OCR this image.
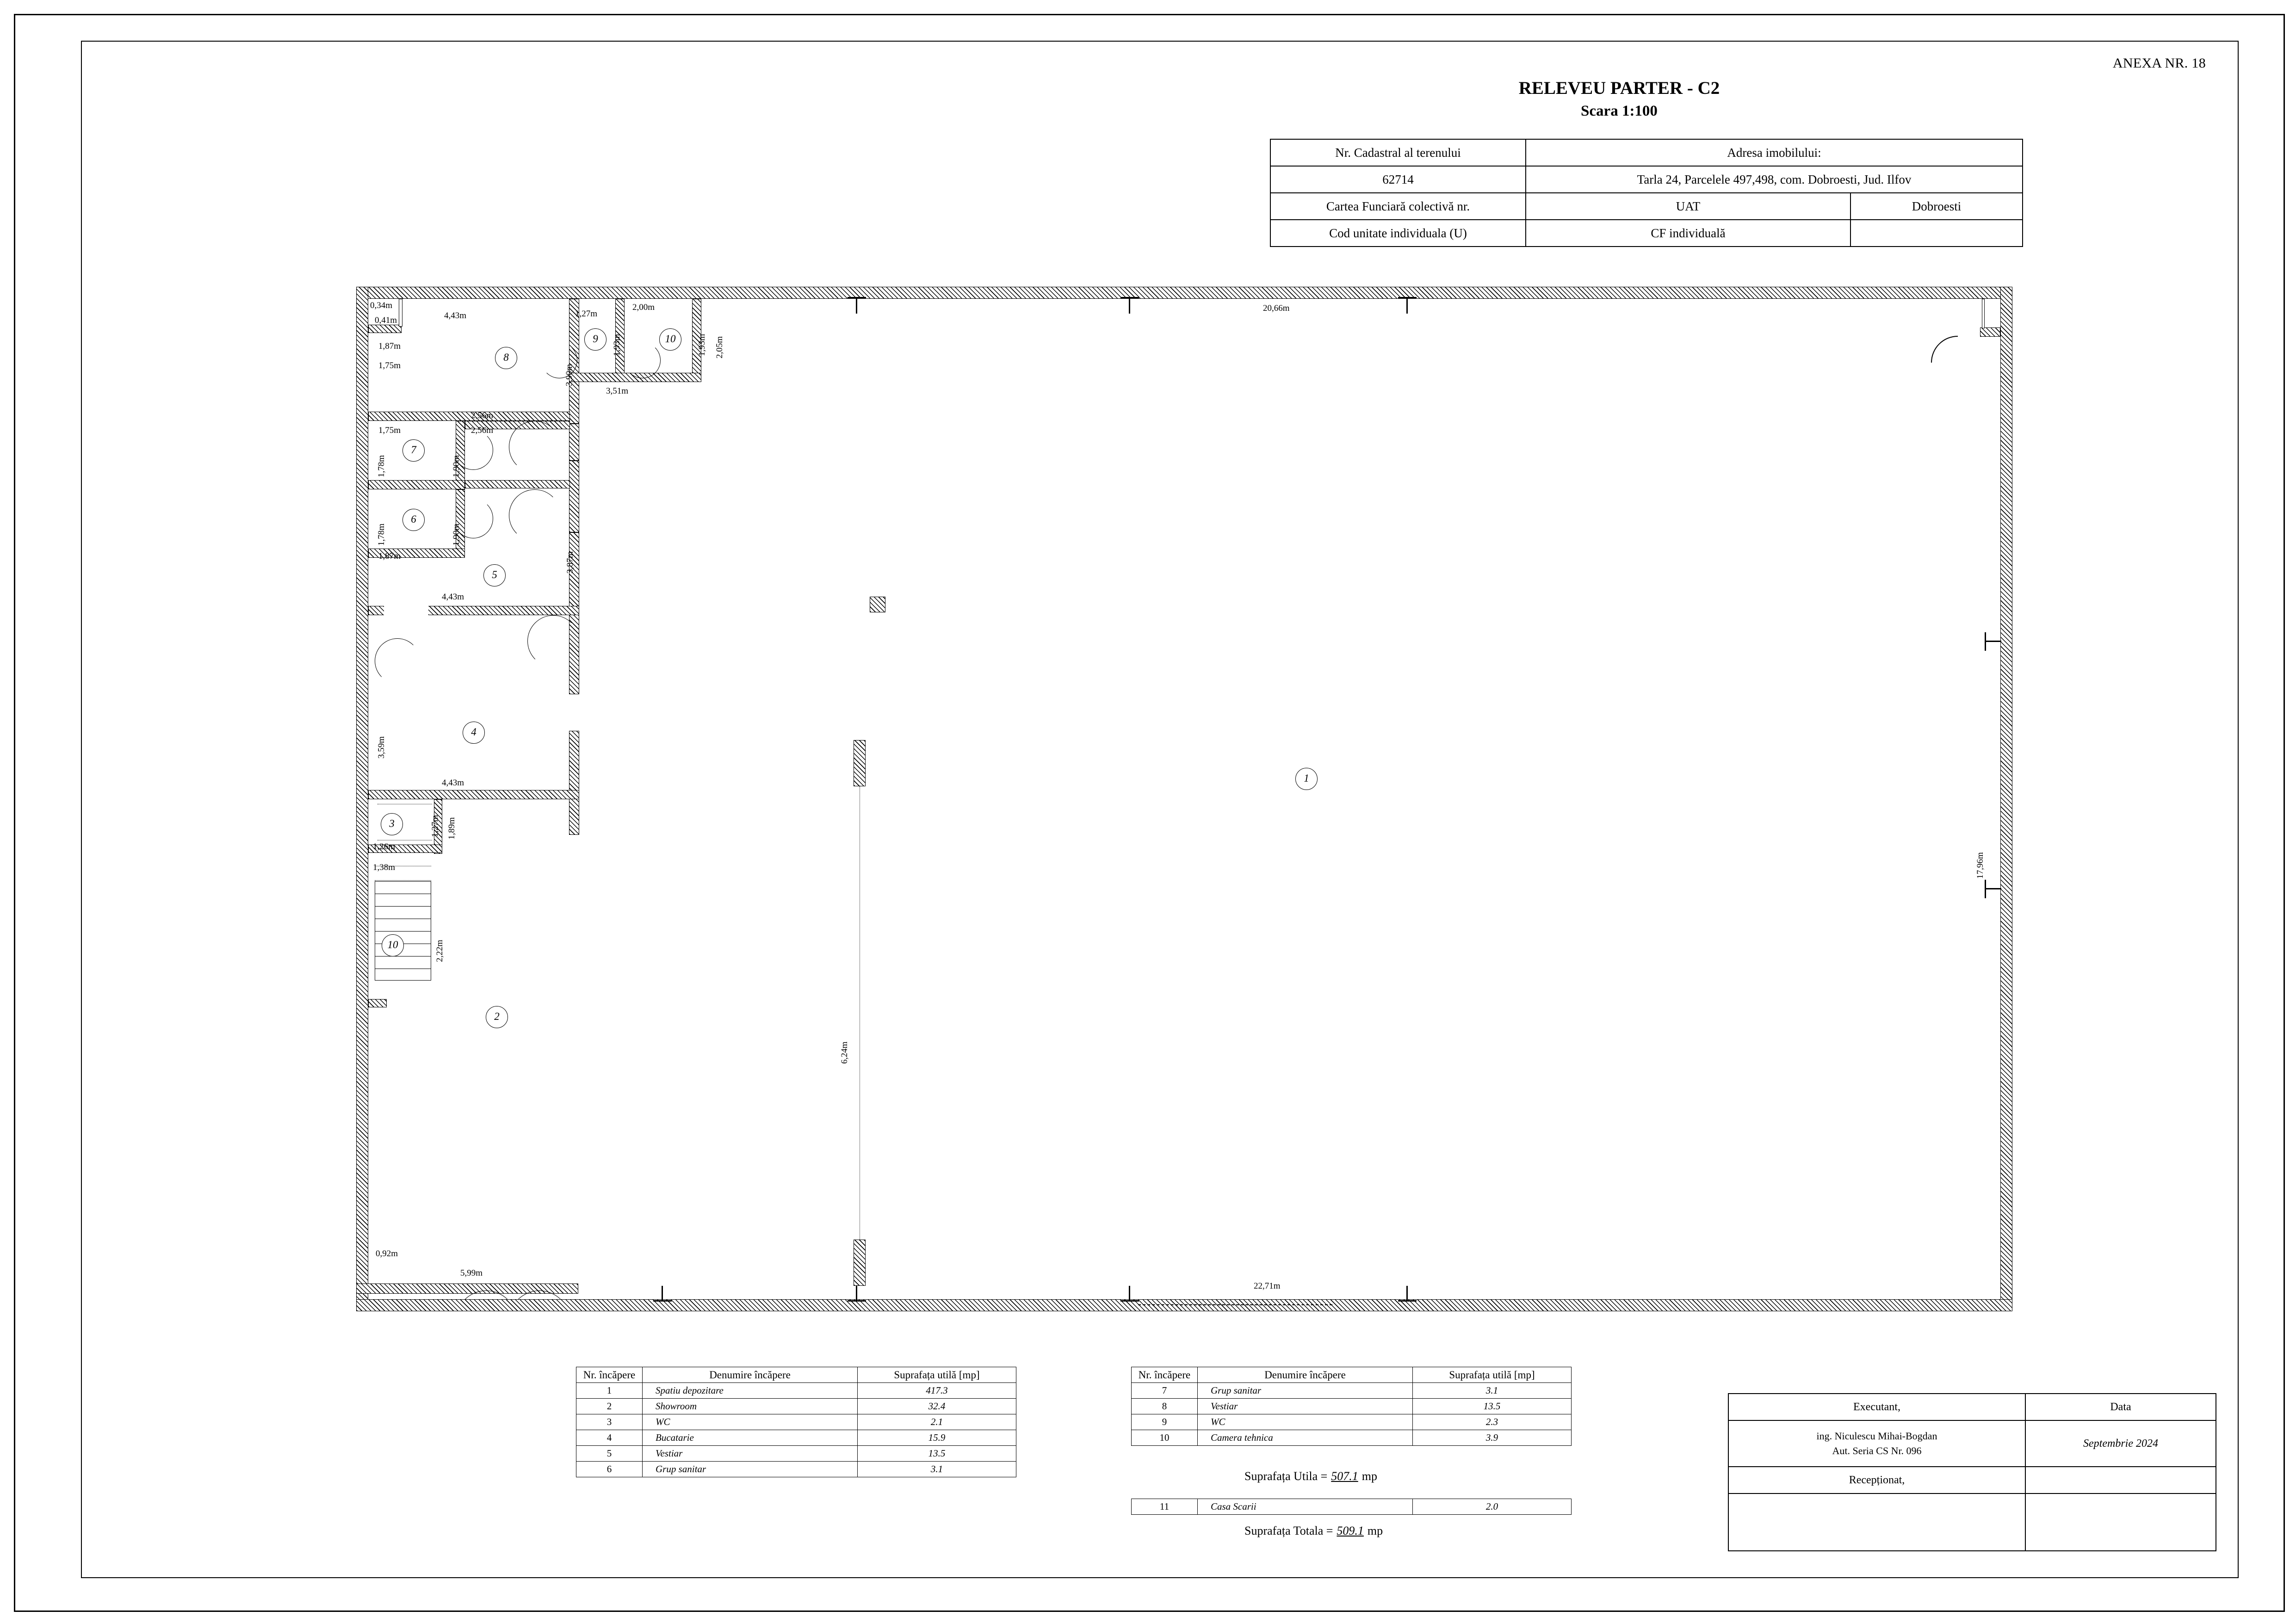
ANEXA NR. 18
RELEVEU PARTER - C2
Scara 1:100
Nr. Cadastral al terenului	Adresa imobilului:	
62714	Tarla 24, Parcelele 497,498, com. Dobroesti, Jud. Ilfov	
Cartea Funciară colectivă nr.	UAT	Dobroesti
Cod unitate individuala (U)	CF individuală	
1
2
3
4
5
6
7
8
9	10
10
20,66m
22,71m
5,99m
17,96m
4,43m	1,27m
2,00m
1,93m	1,93m 2,05m
3,51m
3,90m
0,34m
0,41m
1,87m
1,75m
1,78m	1,90m
2,56m
2,56m
1,75m
1,78m	1,90m
1,87m	3,87m
4,43m
3,59m
4,43m
1,27m 1,89m
1,26m
1,38m
2,22m
0,92m
6,24m
Nr. încăpere	Denumire încăpere	Suprafața utilă [mp]
1	Spatiu depozitare	417.3
2	Showroom	32.4
3	WC	2.1
4	Bucatarie	15.9
5	Vestiar	13.5
6	Grup sanitar	3.1
Nr. încăpere	Denumire încăpere	Suprafața utilă [mp]
7	Grup sanitar	3.1
8	Vestiar	13.5
9	WC	2.3
10	Camera tehnica	3.9
Suprafața Utila = 507.1 mp
11	Casa Scarii	2.0
Suprafața Totala = 509.1 mp
Executant,	Data
ing. Niculescu Mihai-Bogdan
Aut. Seria CS Nr. 096	Septembrie 2024
Recepționat,	
